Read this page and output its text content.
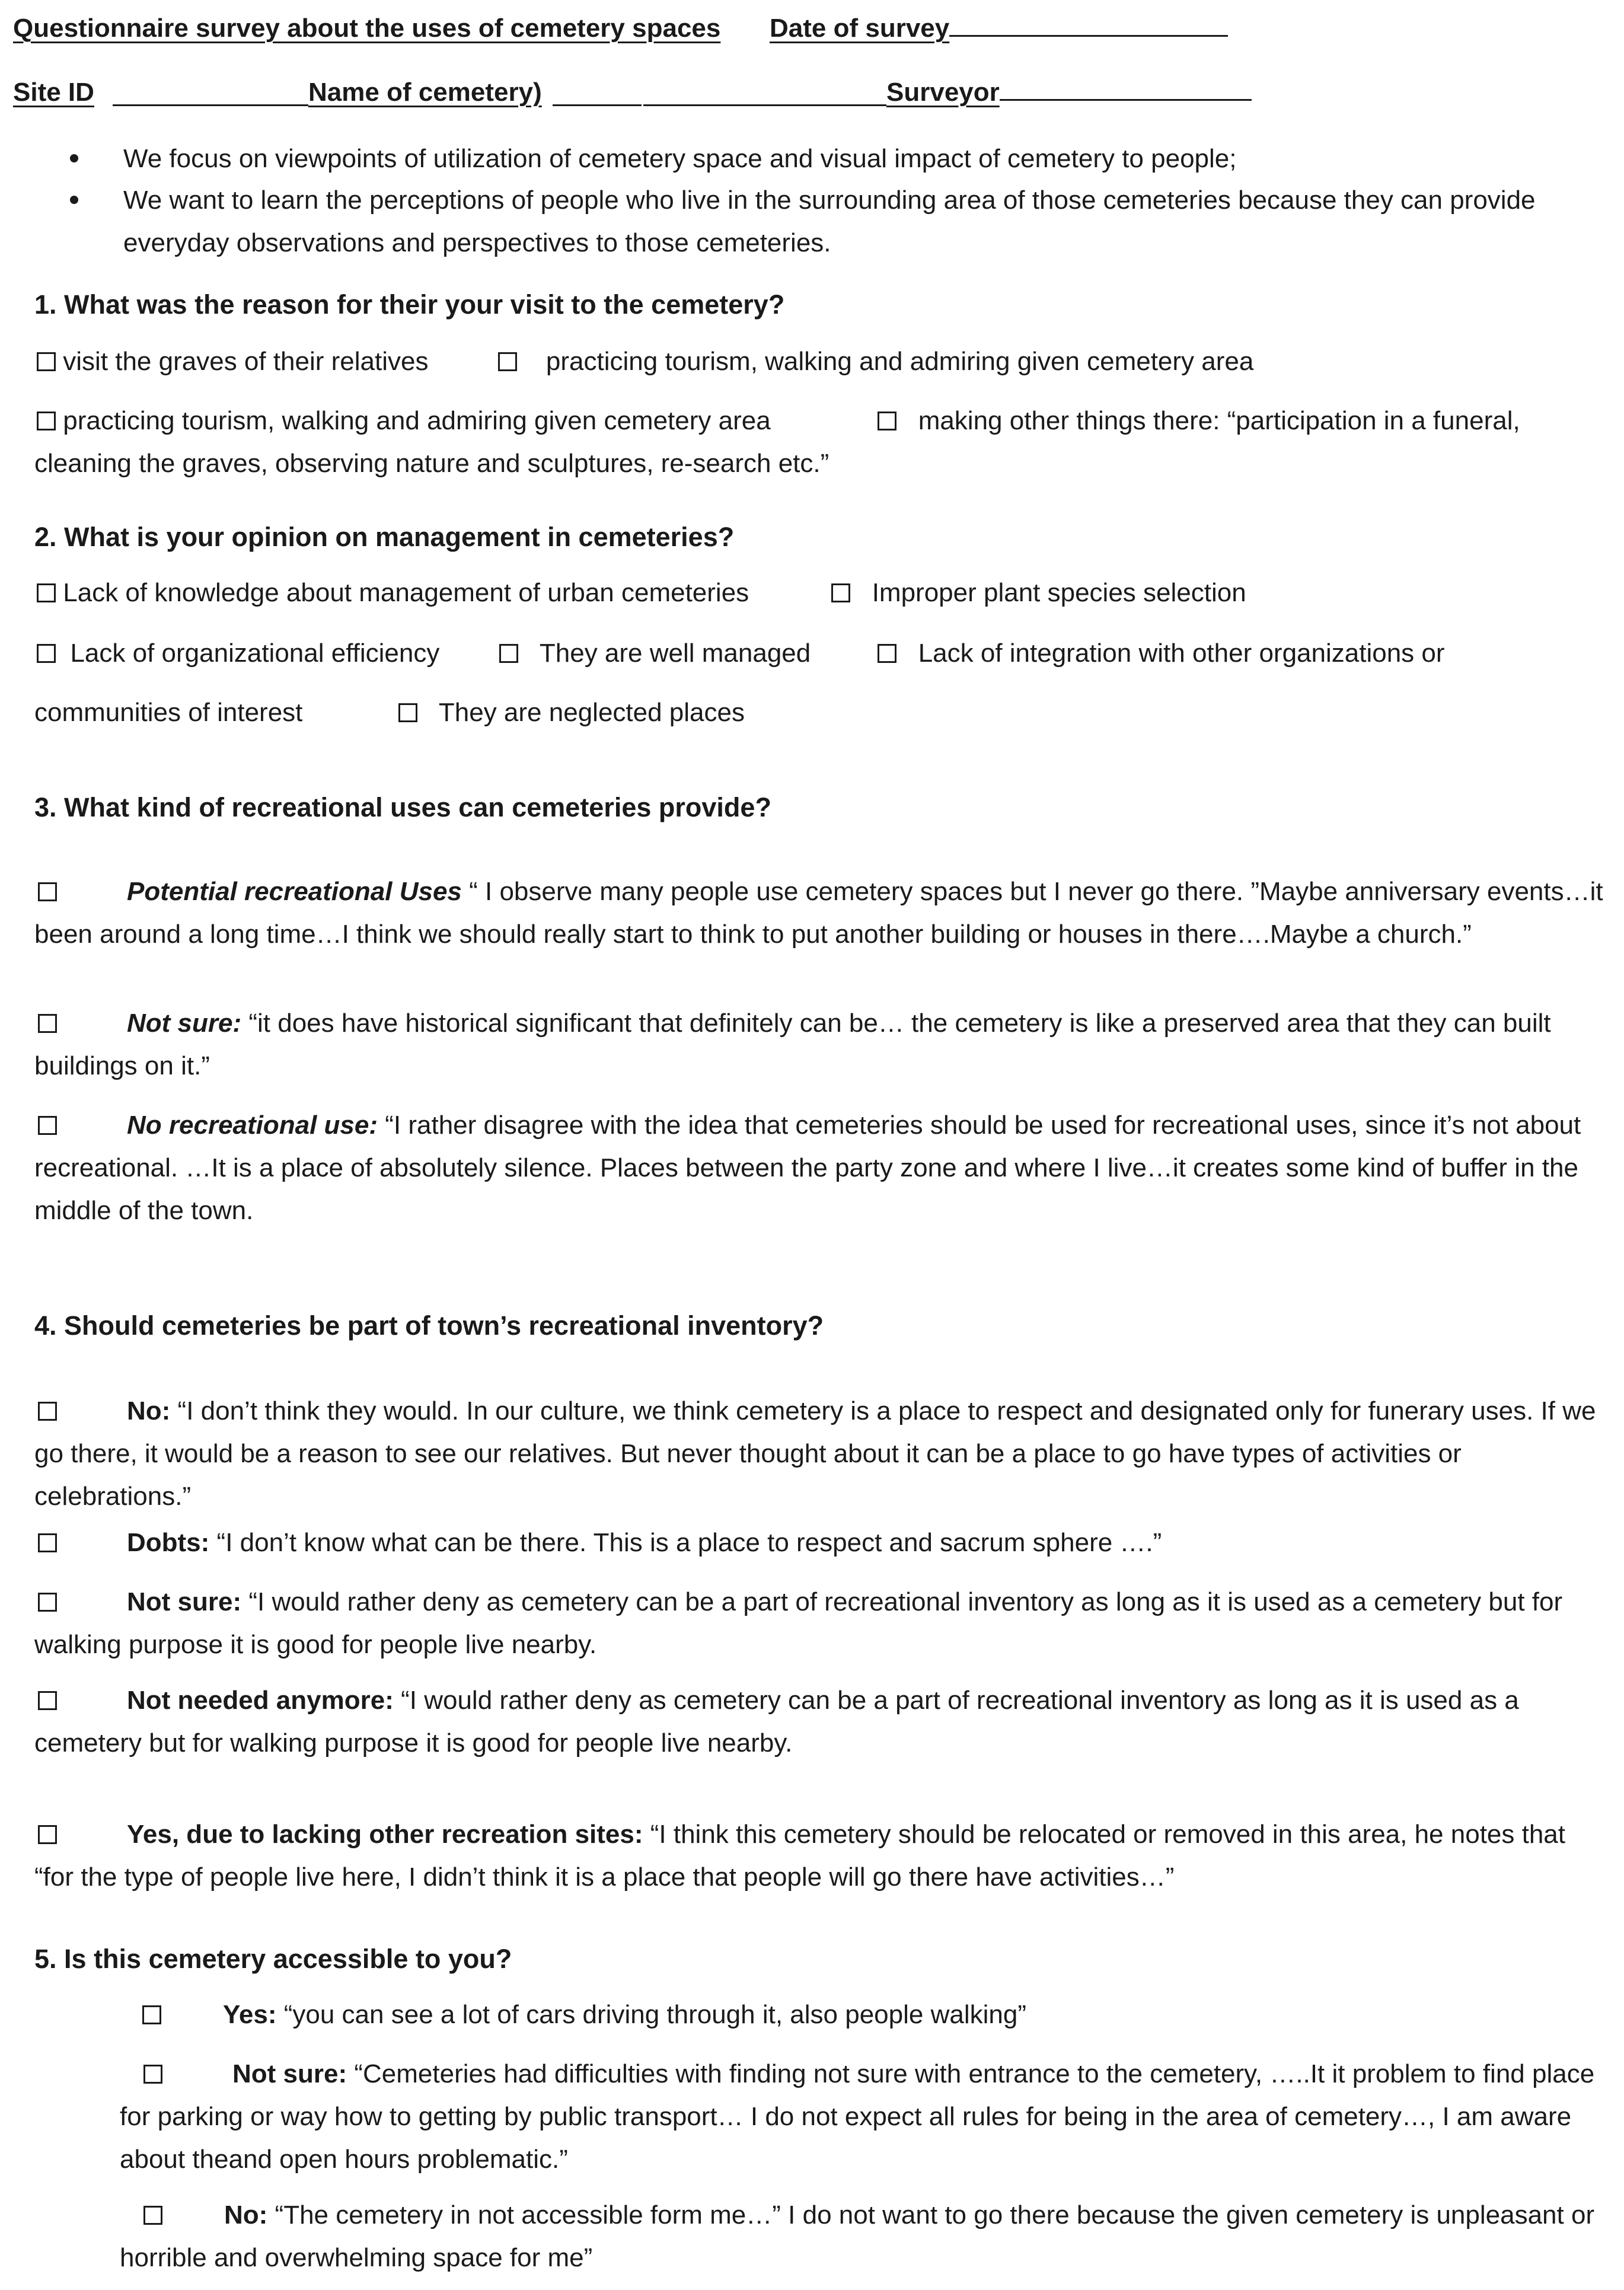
Questionnaire survey about the uses of cemetery spaces Date of survey
Site ID	Name of cemetery)	Surveyor
We focus on viewpoints of utilization of cemetery space and visual impact of cemetery to people;
We want to learn the perceptions of people who live in the surrounding area of those cemeteries because they can provide everyday observations and perspectives to those cemeteries.
1. What was the reason for their your visit to the cemetery?
visit the graves of their relatives	practicing tourism, walking and admiring given cemetery area
practicing tourism, walking and admiring given cemetery area	making other things there: “participation in a funeral,
cleaning the graves, observing nature and sculptures, re-search etc.”
2. What is your opinion on management in cemeteries?
Lack of knowledge about management of urban cemeteries	Improper plant species selection
Lack of organizational efficiency	They are well managed	Lack of integration with other organizations or
communities of interest	They are neglected places
3. What kind of recreational uses can cemeteries provide?
Potential recreational Uses “ I observe many people use cemetery spaces but I never go there. ”Maybe anniversary events…it been around a long time…I think we should really start to think to put another building or houses in there….Maybe a church.”
Not sure: “it does have historical significant that definitely can be… the cemetery is like a preserved area that they can built buildings on it.”
No recreational use: “I rather disagree with the idea that cemeteries should be used for recreational uses, since it’s not about recreational. …It is a place of absolutely silence. Places between the party zone and where I live…it creates some kind of buffer in the middle of the town.
4. Should cemeteries be part of town’s recreational inventory?
No: “I don’t think they would. In our culture, we think cemetery is a place to respect and designated only for funerary uses. If we go there, it would be a reason to see our relatives. But never thought about it can be a place to go have types of activities or celebrations.”
Dobts: “I don’t know what can be there. This is a place to respect and sacrum sphere ….”
Not sure: “I would rather deny as cemetery can be a part of recreational inventory as long as it is used as a cemetery but for walking purpose it is good for people live nearby.
Not needed anymore: “I would rather deny as cemetery can be a part of recreational inventory as long as it is used as a cemetery but for walking purpose it is good for people live nearby.
Yes, due to lacking other recreation sites: “I think this cemetery should be relocated or removed in this area, he notes that “for the type of people live here, I didn’t think it is a place that people will go there have activities…”
5. Is this cemetery accessible to you?
Yes: “you can see a lot of cars driving through it, also people walking”
Not sure: “Cemeteries had difficulties with finding not sure with entrance to the cemetery, …..It it problem to find place for parking or way how to getting by public transport… I do not expect all rules for being in the area of cemetery…, I am aware about theand open hours problematic.”
No: “The cemetery in not accessible form me…” I do not want to go there because the given cemetery is unpleasant or horrible and overwhelming space for me”
